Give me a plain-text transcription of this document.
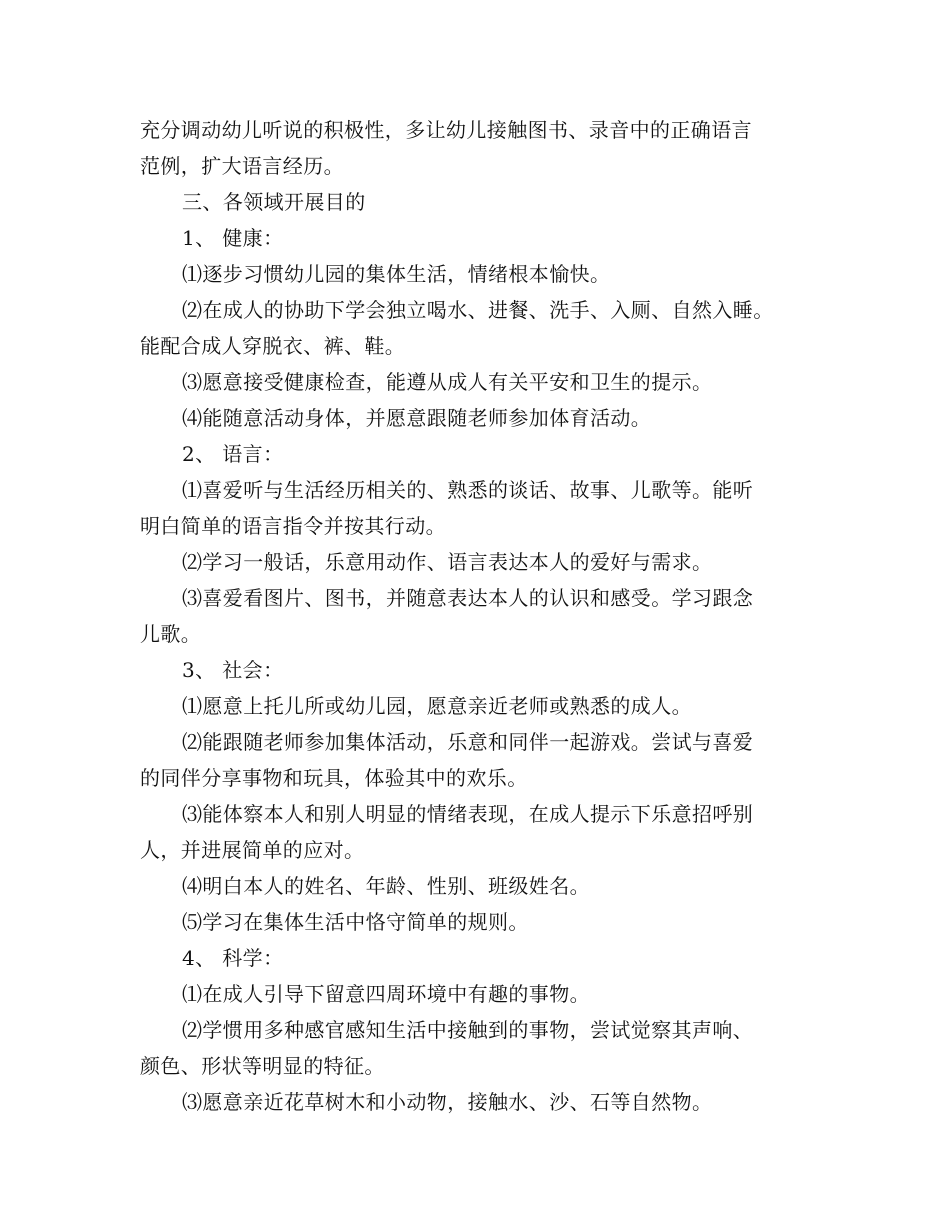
充分调动幼儿听说的积极性，多让幼儿接触图书、录音中的正确语言
范例，扩大语言经历。
三、各领域开展目的
1、 健康：
⑴逐步习惯幼儿园的集体生活，情绪根本愉快。
⑵在成人的协助下学会独立喝水、进餐、洗手、入厕、自然入睡。
能配合成人穿脱衣、裤、鞋。
⑶愿意接受健康检查，能遵从成人有关平安和卫生的提示。
⑷能随意活动身体，并愿意跟随老师参加体育活动。
2、 语言：
⑴喜爱听与生活经历相关的、熟悉的谈话、故事、儿歌等。能听
明白简单的语言指令并按其行动。
⑵学习一般话，乐意用动作、语言表达本人的爱好与需求。
⑶喜爱看图片、图书，并随意表达本人的认识和感受。学习跟念
儿歌。
3、 社会：
⑴愿意上托儿所或幼儿园，愿意亲近老师或熟悉的成人。
⑵能跟随老师参加集体活动，乐意和同伴一起游戏。尝试与喜爱
的同伴分享事物和玩具，体验其中的欢乐。
⑶能体察本人和别人明显的情绪表现，在成人提示下乐意招呼别
人，并进展简单的应对。
⑷明白本人的姓名、年龄、性别、班级姓名。
⑸学习在集体生活中恪守简单的规则。
4、 科学：
⑴在成人引导下留意四周环境中有趣的事物。
⑵学惯用多种感官感知生活中接触到的事物，尝试觉察其声响、
颜色、形状等明显的特征。
⑶愿意亲近花草树木和小动物，接触水、沙、石等自然物。
